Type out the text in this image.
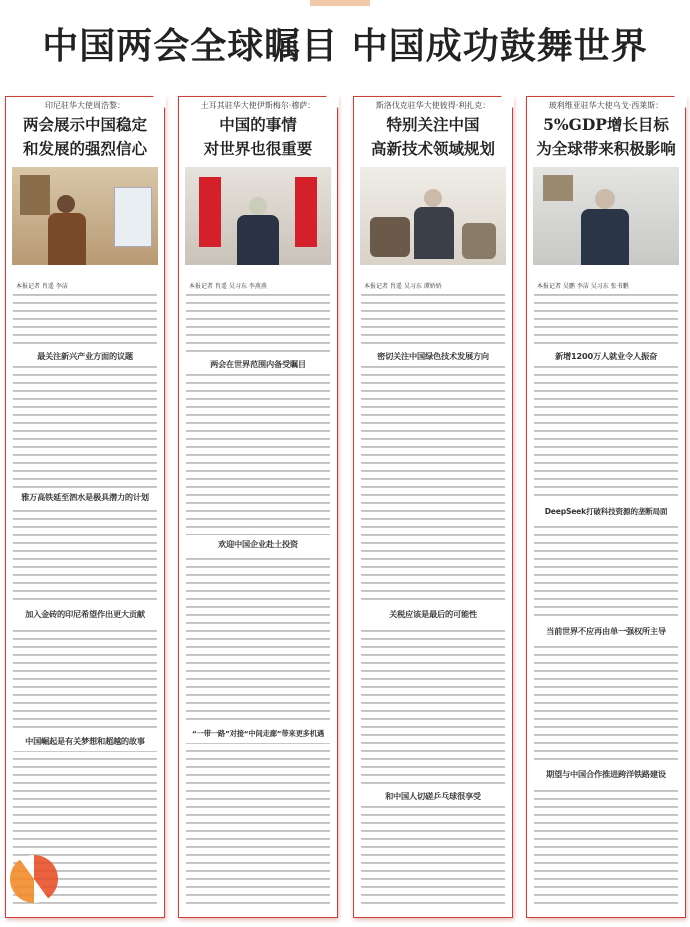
中国两会全球瞩目 中国成功鼓舞世界
印尼驻华大使周浩黎：
两会展示中国稳定
和发展的强烈信心
本报记者 肖遥 李洁
最关注新兴产业方面的议题
雅万高铁延至泗水是极具潜力的计划
加入金砖的印尼希望作出更大贡献
中国崛起是有关梦想和超越的故事
土耳其驻华大使伊斯梅尔·穆萨：
中国的事情
对世界也很重要
本报记者 肖遥 吴习东 李燕燕
两会在世界范围内备受瞩目
欢迎中国企业赴土投资
“一带一路”对接“中间走廊”带来更多机遇
斯洛伐克驻华大使彼得·利扎克：
特别关注中国
高新技术领域规划
本报记者 肖遥 吴习东 谭娇娇
密切关注中国绿色技术发展方向
关税应该是最后的可能性
和中国人切磋乒乓球很享受
玻利维亚驻华大使乌戈·西莱斯：
5%GDP增长目标
为全球带来积极影响
本报记者 吴鹏 李洁 吴习东 张书鹏
新增1200万人就业令人振奋
DeepSeek打破科技资源的垄断局面
当前世界不应再由单一强权所主导
期望与中国合作推进跨洋铁路建设
